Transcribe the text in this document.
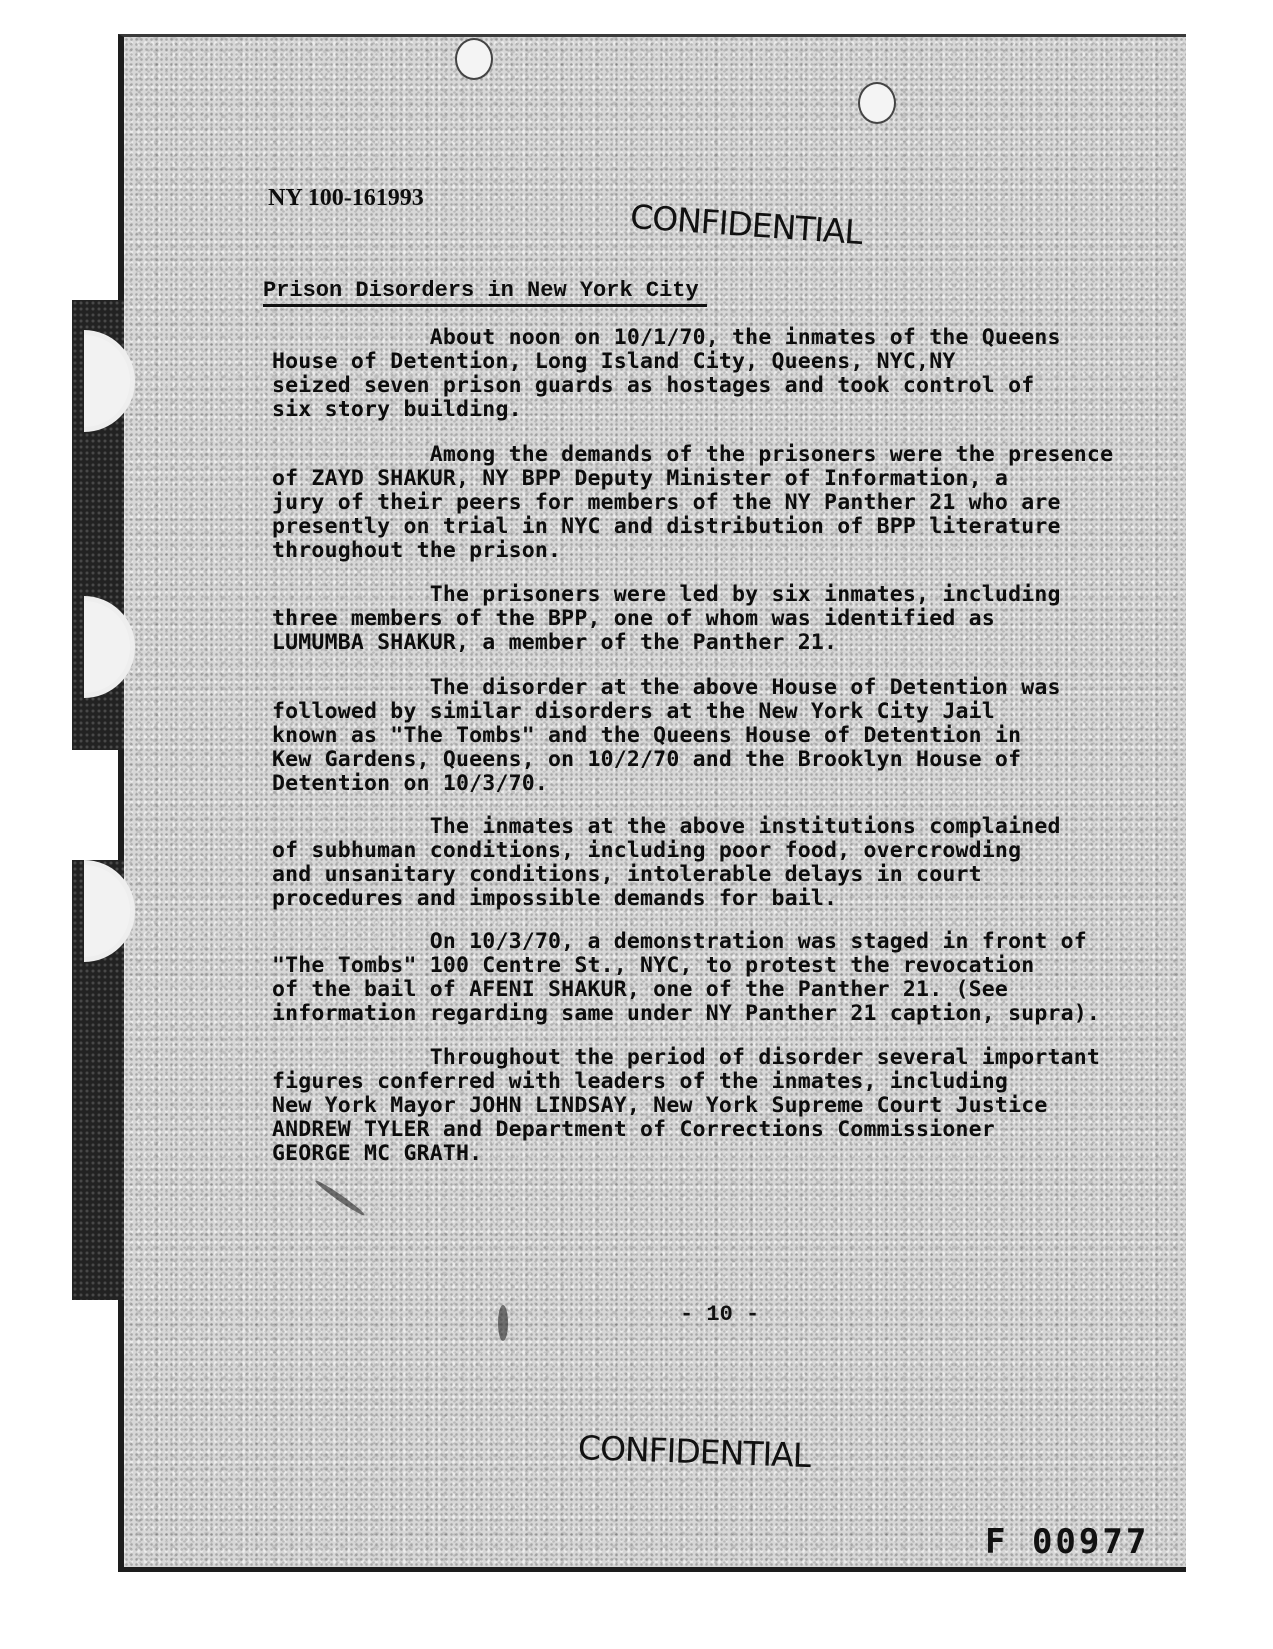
NY 100-161993	CONFIDENTIAL
Prison Disorders in New York City
About noon on 10/1/70, the inmates of the Queens
House of Detention, Long Island City, Queens, NYC,NY
seized seven prison guards as hostages and took control of
six story building.
Among the demands of the prisoners were the presence
of ZAYD SHAKUR, NY BPP Deputy Minister of Information, a
jury of their peers for members of the NY Panther 21 who are
presently on trial in NYC and distribution of BPP literature
throughout the prison.
The prisoners were led by six inmates, including
three members of the BPP, one of whom was identified as
LUMUMBA SHAKUR, a member of the Panther 21.
The disorder at the above House of Detention was
followed by similar disorders at the New York City Jail
known as "The Tombs" and the Queens House of Detention in
Kew Gardens, Queens, on 10/2/70 and the Brooklyn House of
Detention on 10/3/70.
The inmates at the above institutions complained
of subhuman conditions, including poor food, overcrowding
and unsanitary conditions, intolerable delays in court
procedures and impossible demands for bail.
On 10/3/70, a demonstration was staged in front of
"The Tombs" 100 Centre St., NYC, to protest the revocation
of the bail of AFENI SHAKUR, one of the Panther 21. (See
information regarding same under NY Panther 21 caption, supra).
Throughout the period of disorder several important
figures conferred with leaders of the inmates, including
New York Mayor JOHN LINDSAY, New York Supreme Court Justice
ANDREW TYLER and Department of Corrections Commissioner
GEORGE MC GRATH.
- 10 -
CONFIDENTIAL
F 00977
